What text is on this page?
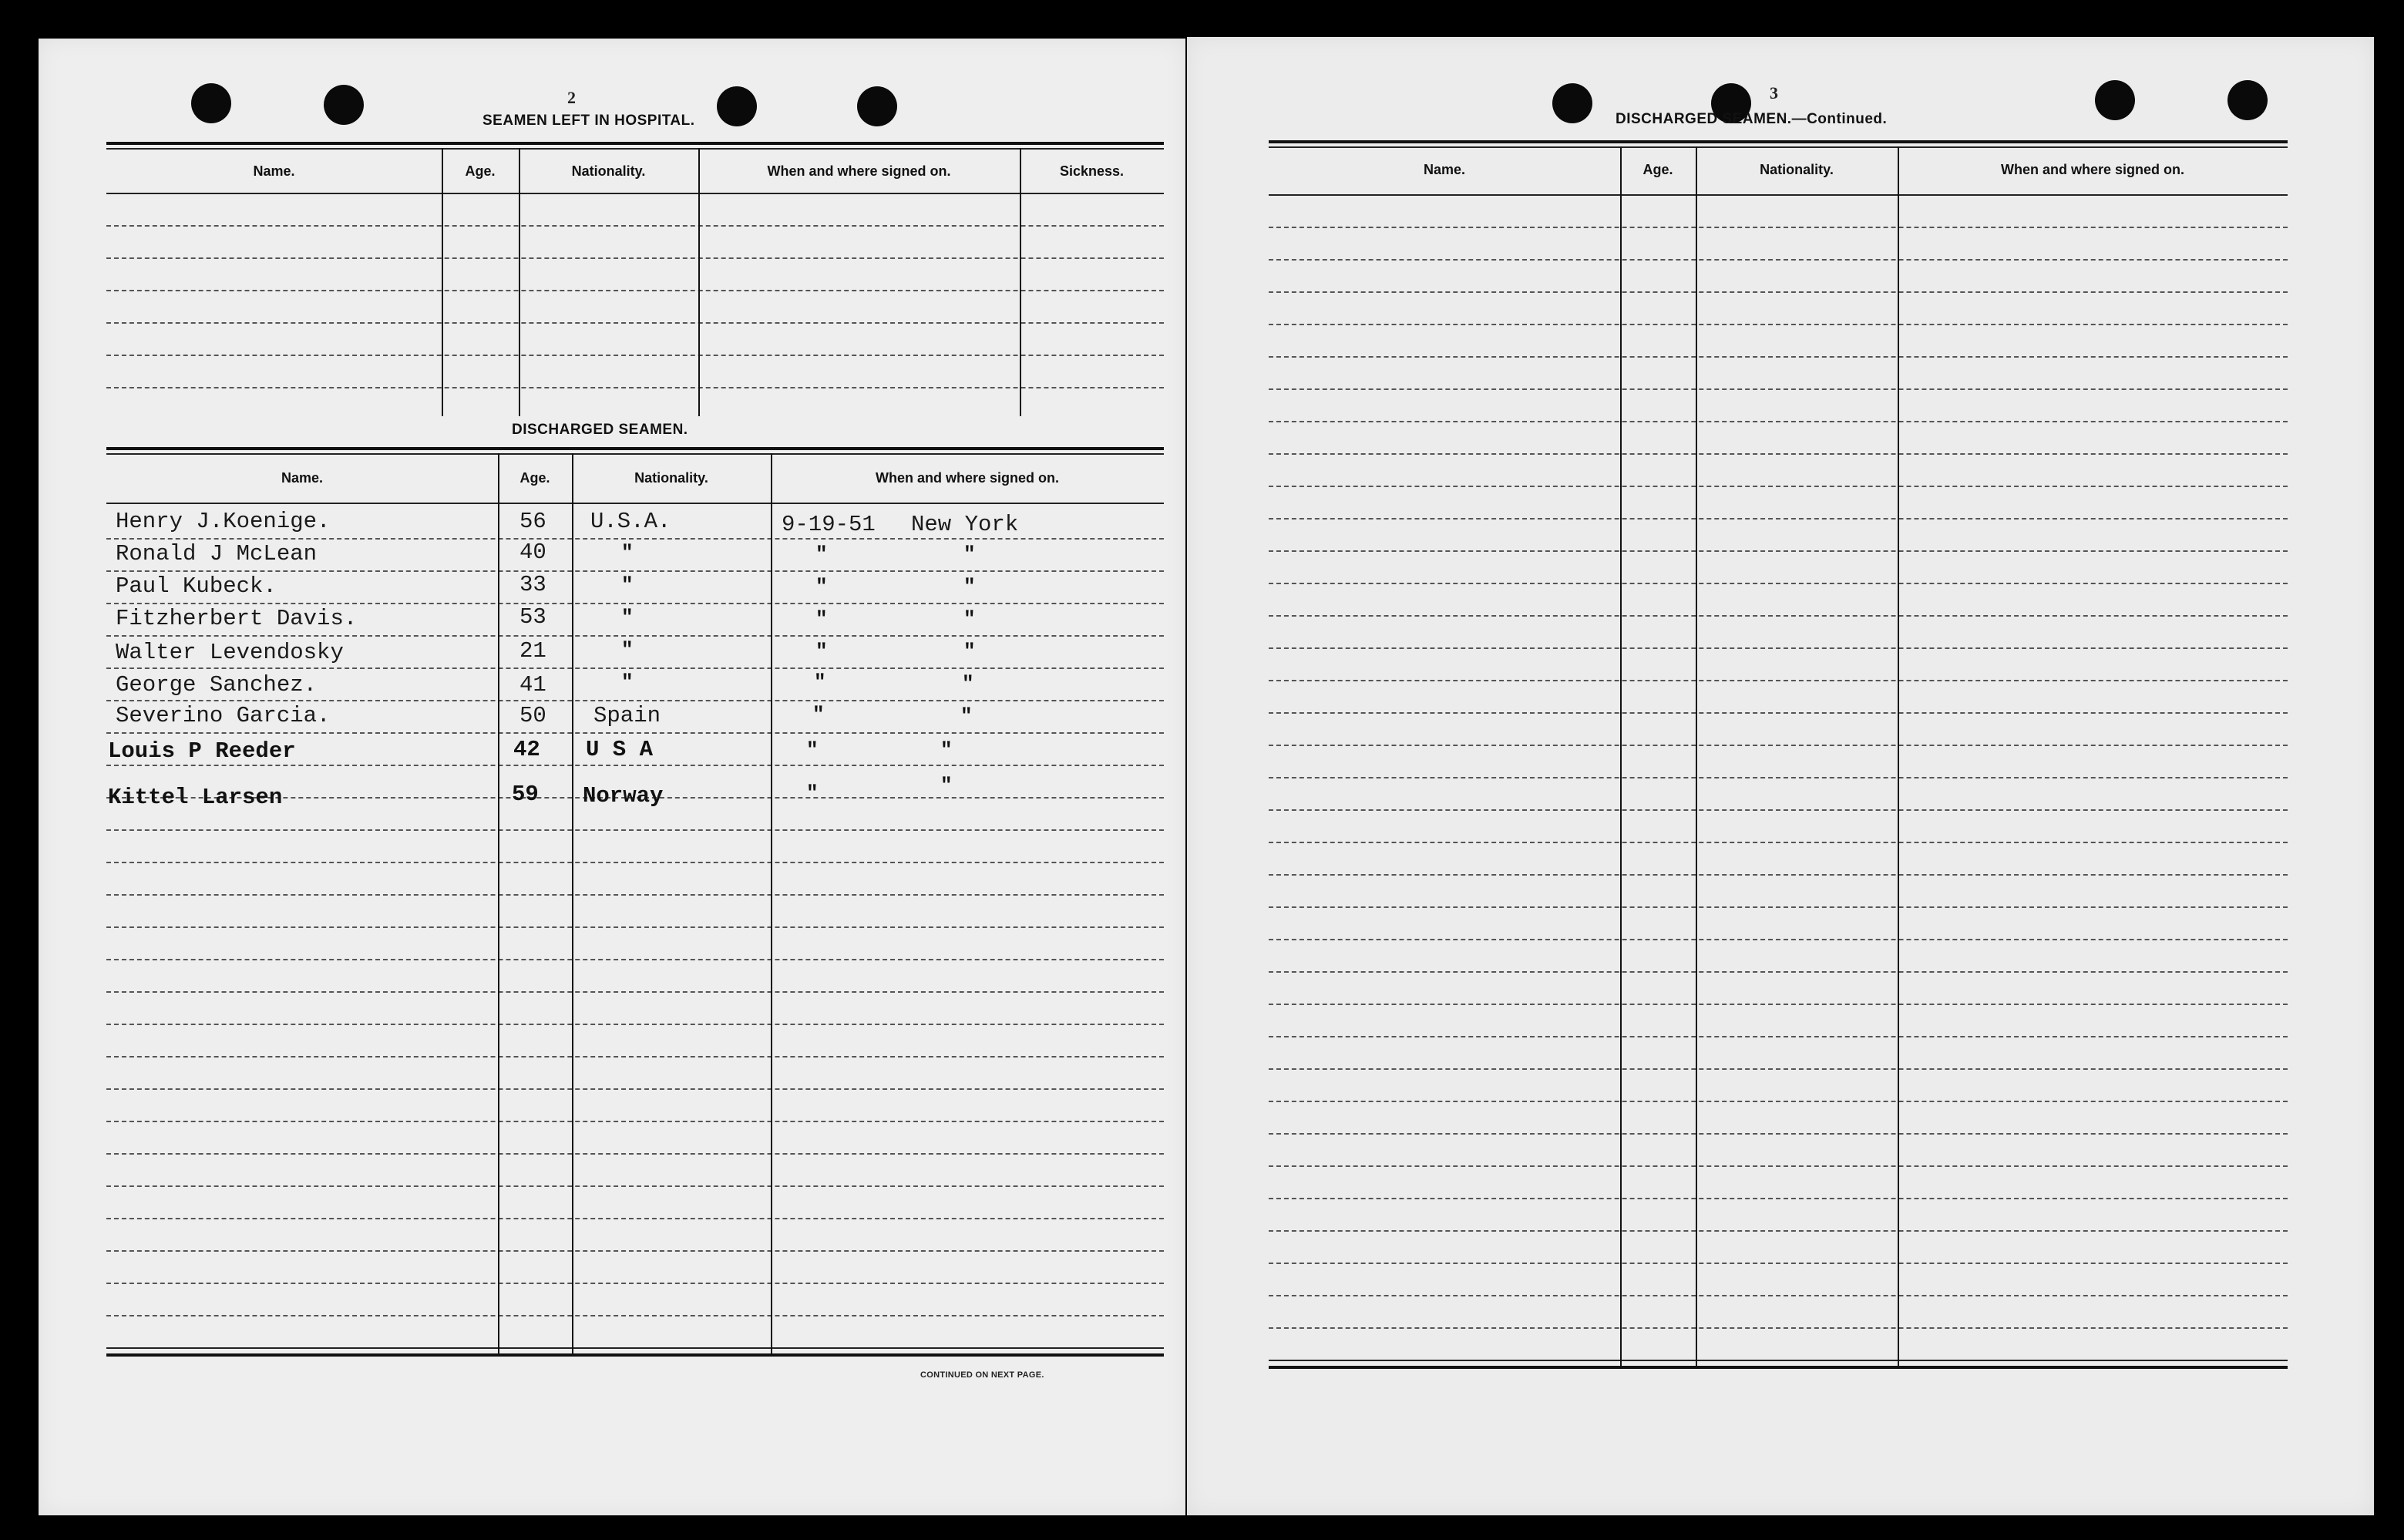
2
SEAMEN LEFT IN HOSPITAL.
Name.	Age.	Nationality.	When and where signed on.	Sickness.
DISCHARGED SEAMEN.
Name.	Age.	Nationality.	When and where signed on.
Henry J.Koenige.	56 U.S.A.	9-19-51 New York
Ronald J McLean	40	"	"	"
Paul Kubeck.	33	"	"	"
Fitzherbert Davis.	53	"	"	"
Walter Levendosky	21	"	"	"
George Sanchez.	41	"	"	"
Severino Garcia.	50 Spain	"	"
Louis P Reeder	42 U S A	"	"
Kittel Larsen	59 Norway	"	"
CONTINUED ON NEXT PAGE.
3
DISCHARGED SEAMEN.—Continued.
Name.	Age.	Nationality.	When and where signed on.
